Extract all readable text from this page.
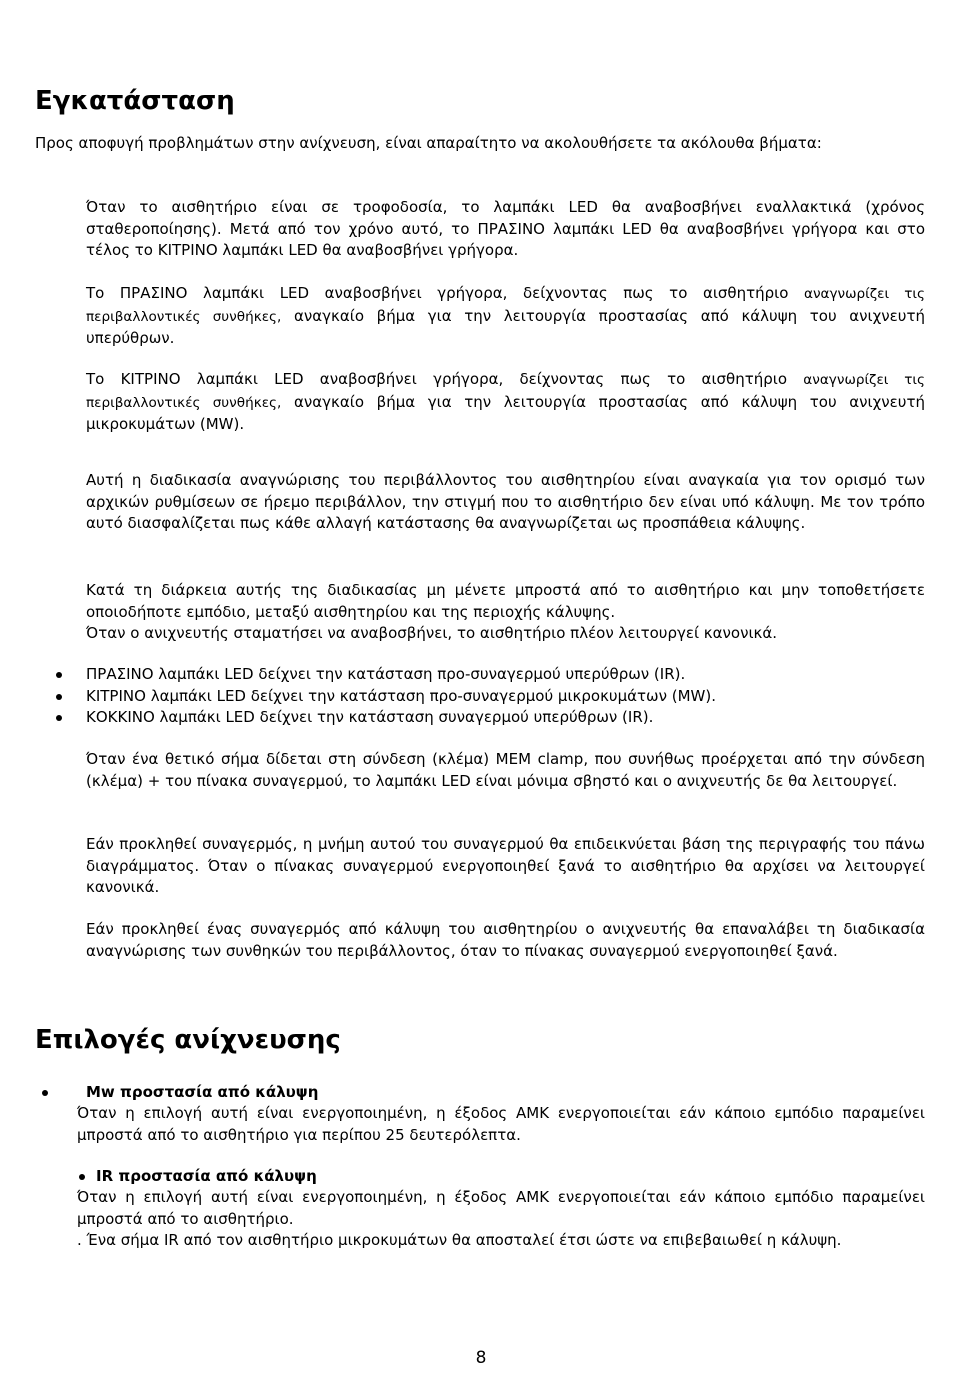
Εγκατάσταση
Προς αποφυγή προβλημάτων στην ανίχνευση, είναι απαραίτητο να ακολουθήσετε τα ακόλουθα βήματα:
Όταν το αισθητήριο είναι σε τροφοδοσία, το λαμπάκι LED θα αναβοσβήνει εναλλακτικά (χρόνος σταθεροποίησης). Μετά από τον χρόνο αυτό, το ΠΡΑΣΙΝΟ λαμπάκι LED θα αναβοσβήνει γρήγορα και στο τέλος το ΚΙΤΡΙΝΟ λαμπάκι LED θα αναβοσβήνει γρήγορα.
Το ΠΡΑΣΙΝΟ λαμπάκι LED αναβοσβήνει γρήγορα, δείχνοντας πως το αισθητήριο αναγνωρίζει τις
περιβαλλοντικές συνθήκες, αναγκαίο βήμα για την λειτουργία προστασίας από κάλυψη του ανιχνευτή υπερύθρων.
Το ΚΙΤΡΙΝΟ λαμπάκι LED αναβοσβήνει γρήγορα, δείχνοντας πως το αισθητήριο αναγνωρίζει τις
περιβαλλοντικές συνθήκες, αναγκαίο βήμα για την λειτουργία προστασίας από κάλυψη του ανιχνευτή μικροκυμάτων (MW).
Αυτή η διαδικασία αναγνώρισης του περιβάλλοντος του αισθητηρίου είναι αναγκαία για τον ορισμό των αρχικών ρυθμίσεων σε ήρεμο περιβάλλον, την στιγμή που το αισθητήριο δεν είναι υπό κάλυψη. Με τον τρόπο αυτό διασφαλίζεται πως κάθε αλλαγή κατάστασης θα αναγνωρίζεται ως προσπάθεια κάλυψης.
Κατά τη διάρκεια αυτής της διαδικασίας μη μένετε μπροστά από το αισθητήριο και μην τοποθετήσετε οποιοδήποτε εμπόδιο, μεταξύ αισθητηρίου και της περιοχής κάλυψης.
Όταν ο ανιχνευτής σταματήσει να αναβοσβήνει, το αισθητήριο πλέον λειτουργεί κανονικά.
ΠΡΑΣΙΝΟ λαμπάκι LED δείχνει την κατάσταση προ-συναγερμού υπερύθρων (IR).
ΚΙΤΡΙΝΟ λαμπάκι LED δείχνει την κατάσταση προ-συναγερμού μικροκυμάτων (MW).
ΚΟΚΚΙΝΟ λαμπάκι LED δείχνει την κατάσταση συναγερμού υπερύθρων (IR).
Όταν ένα θετικό σήμα δίδεται στη σύνδεση (κλέμα) MEM clamp, που συνήθως προέρχεται από την σύνδεση (κλέμα) + του πίνακα συναγερμού, το λαμπάκι LED είναι μόνιμα σβηστό και ο ανιχνευτής δε θα λειτουργεί.
Εάν προκληθεί συναγερμός, η μνήμη αυτού του συναγερμού θα επιδεικνύεται βάση της περιγραφής του πάνω διαγράμματος. Όταν ο πίνακας συναγερμού ενεργοποιηθεί ξανά το αισθητήριο θα αρχίσει να λειτουργεί κανονικά.
Εάν προκληθεί ένας συναγερμός από κάλυψη του αισθητηρίου ο ανιχνευτής θα επαναλάβει τη διαδικασία αναγνώρισης των συνθηκών του περιβάλλοντος, όταν το πίνακας συναγερμού ενεργοποιηθεί ξανά.
Επιλογές ανίχνευσης
Mw προστασία από κάλυψη
Όταν η επιλογή αυτή είναι ενεργοποιημένη, η έξοδος AMK ενεργοποιείται εάν κάποιο εμπόδιο παραμείνει μπροστά από το αισθητήριο για περίπου 25 δευτερόλεπτα.
IR προστασία από κάλυψη
Όταν η επιλογή αυτή είναι ενεργοποιημένη, η έξοδος AMK ενεργοποιείται εάν κάποιο εμπόδιο παραμείνει μπροστά από το αισθητήριο.
. Ένα σήμα IR από τον αισθητήριο μικροκυμάτων θα αποσταλεί έτσι ώστε να επιβεβαιωθεί η κάλυψη.
8
